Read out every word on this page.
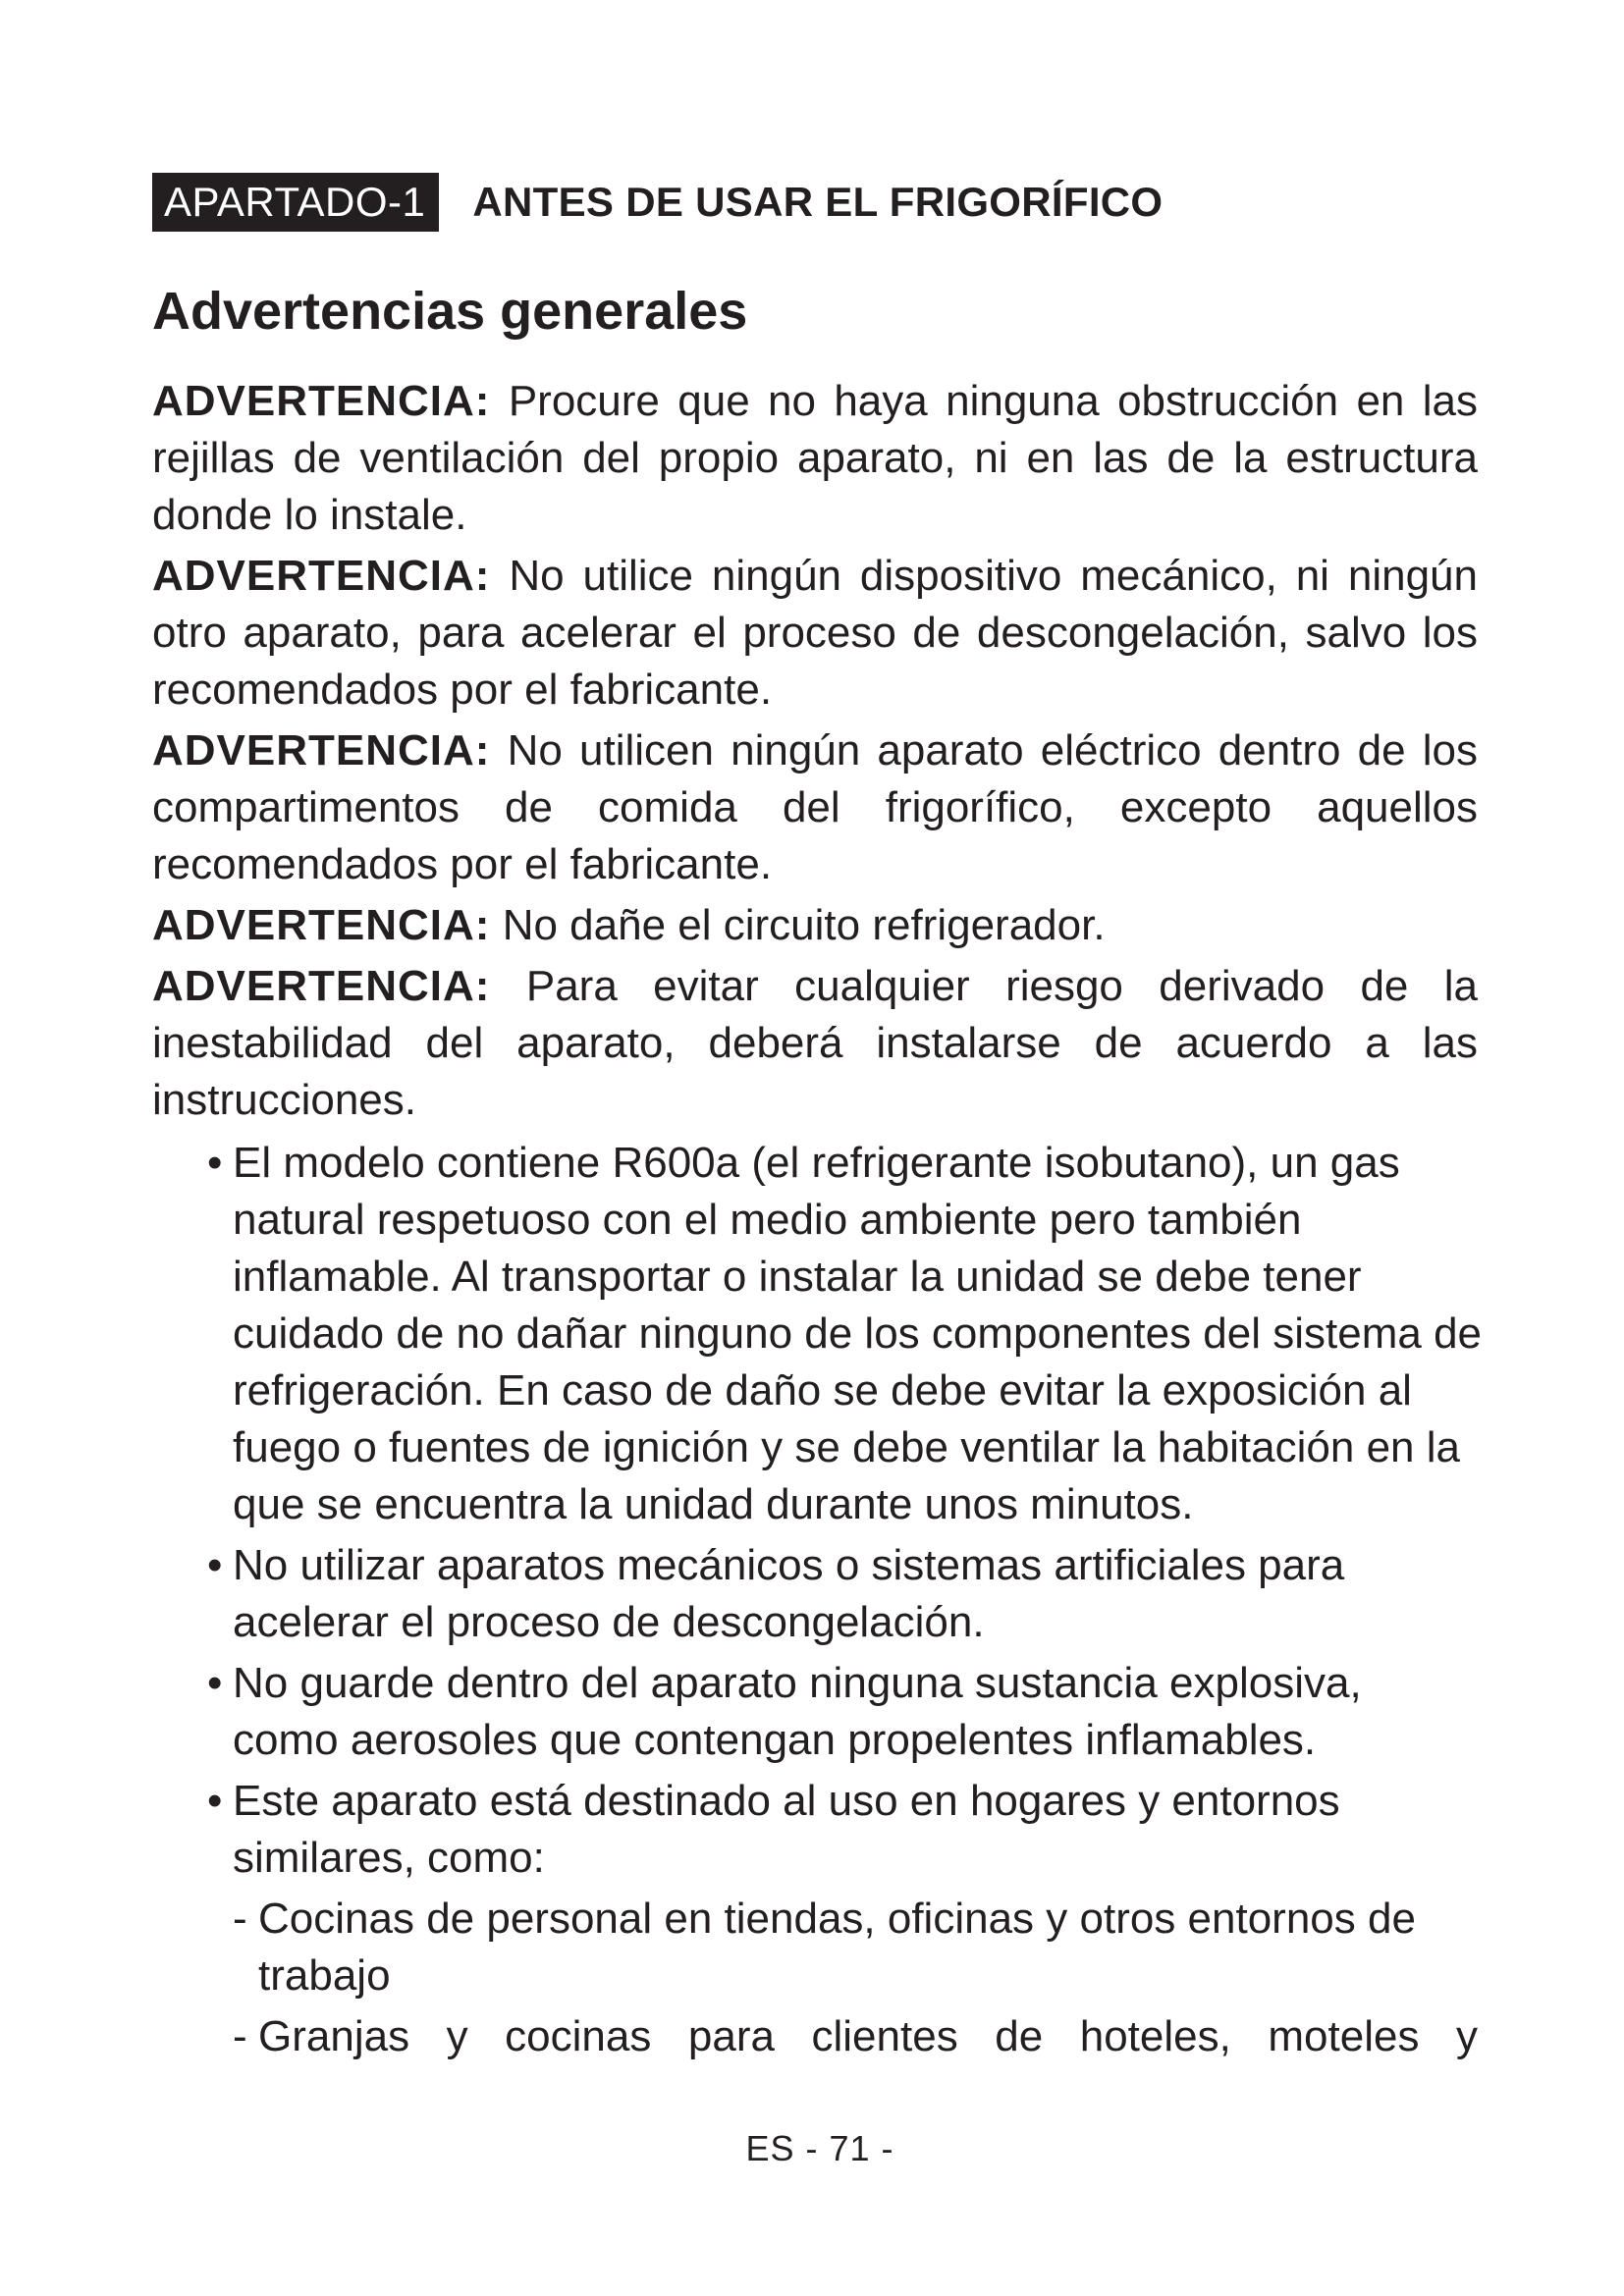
APARTADO-1	ANTES DE USAR EL FRIGORÍFICO
Advertencias generales

ADVERTENCIA: Procure que no haya ninguna obstrucción en las rejillas de ventilación del propio aparato, ni en las de la estructura donde lo instale.

ADVERTENCIA: No utilice ningún dispositivo mecánico, ni ningún otro aparato, para acelerar el proceso de descongelación, salvo los recomendados por el fabricante.

ADVERTENCIA: No utilicen ningún aparato eléctrico dentro de los compartimentos de comida del frigorífico, excepto aquellos recomendados por el fabricante.

ADVERTENCIA: No dañe el circuito refrigerador.

ADVERTENCIA: Para evitar cualquier riesgo derivado de la inestabilidad del aparato, deberá instalarse de acuerdo a las instrucciones.

• El modelo contiene R600a (el refrigerante isobutano), un gas natural respetuoso con el medio ambiente pero también inflamable. Al transportar o instalar la unidad se debe tener cuidado de no dañar ninguno de los componentes del sistema de refrigeración. En caso de daño se debe evitar la exposición al fuego o fuentes de ignición y se debe ventilar la habitación en la que se encuentra la unidad durante unos minutos.
• No utilizar aparatos mecánicos o sistemas artificiales para acelerar el proceso de descongelación.
• No guarde dentro del aparato ninguna sustancia explosiva, como aerosoles que contengan propelentes inflamables.
• Este aparato está destinado al uso en hogares y entornos similares, como:
- Cocinas de personal en tiendas, oficinas y otros entornos de trabajo
- Granjas y cocinas para clientes de hoteles, moteles y
ES - 71 -
